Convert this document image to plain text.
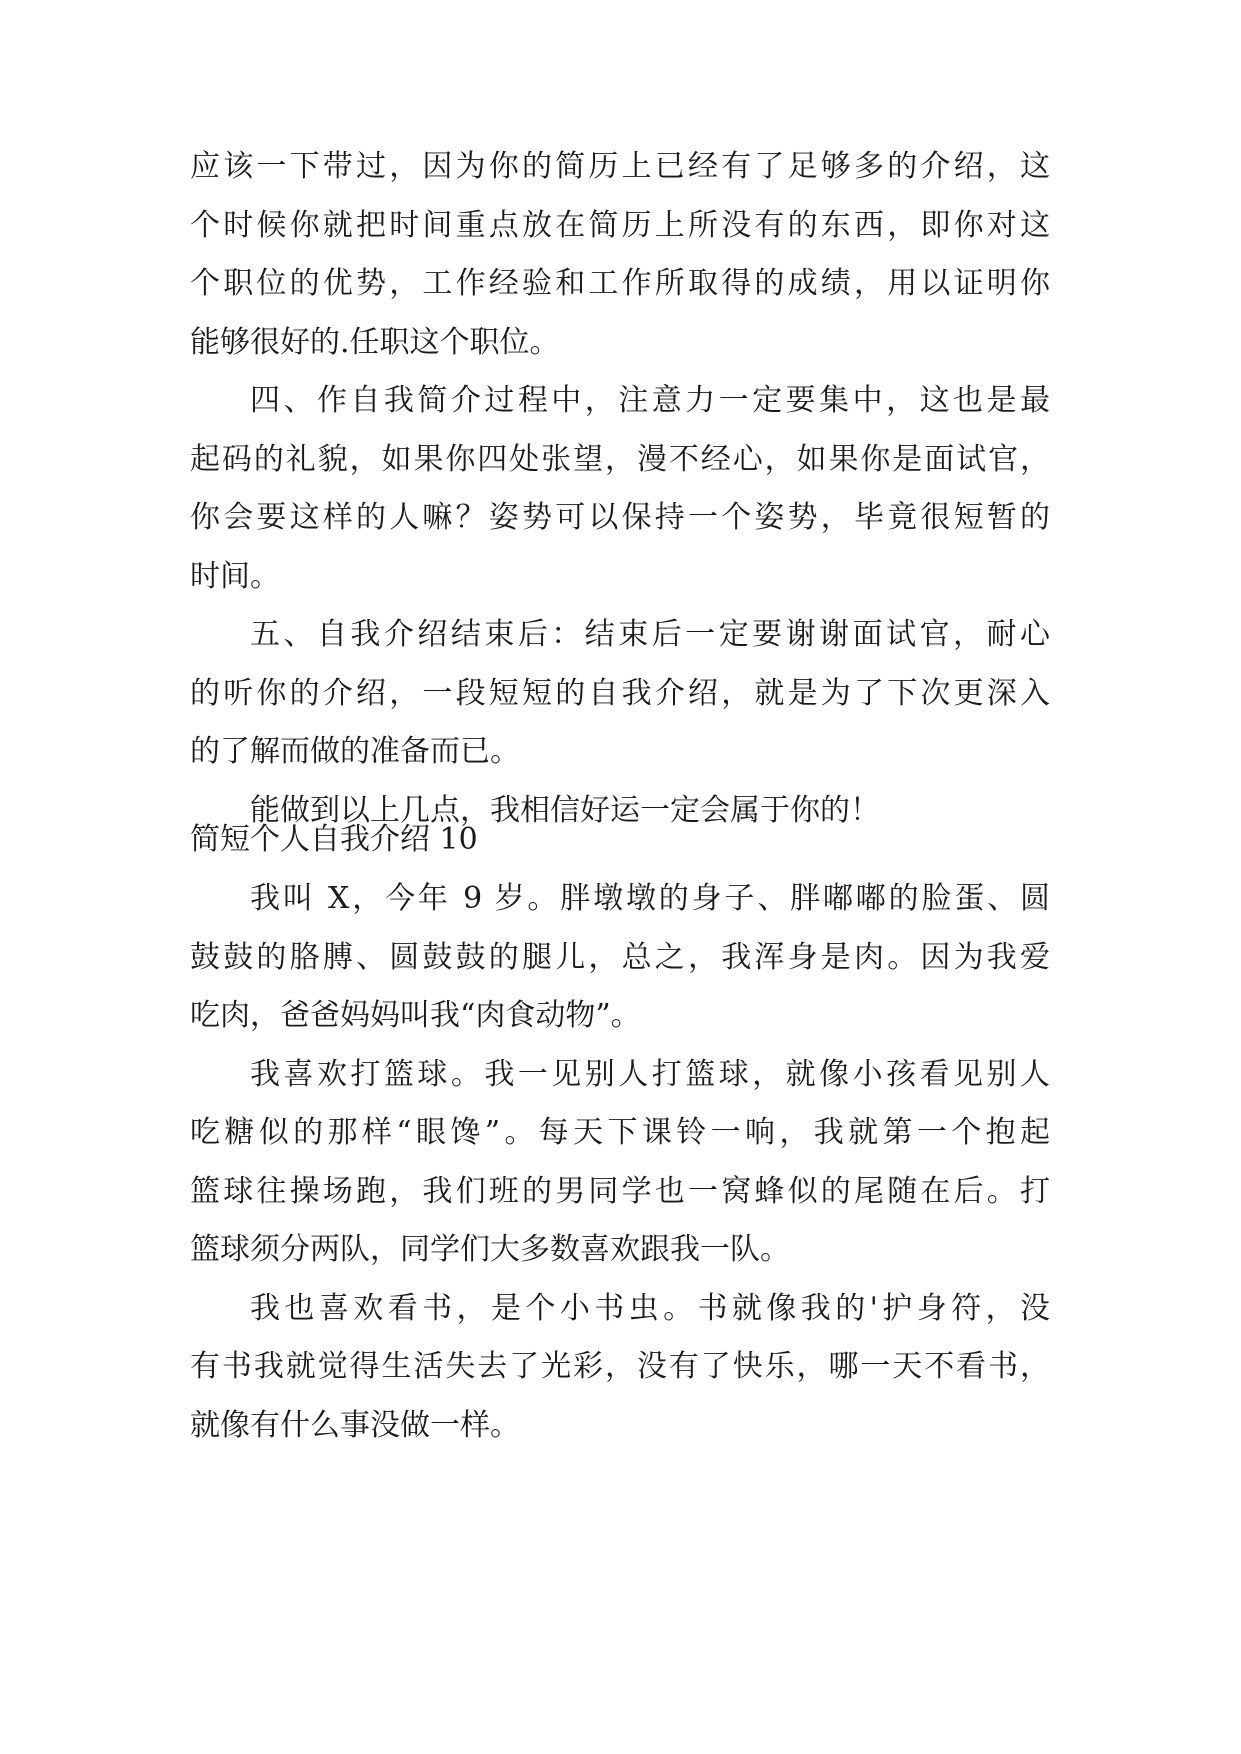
应该一下带过，因为你的简历上已经有了足够多的介绍，这
个时候你就把时间重点放在简历上所没有的东西，即你对这
个职位的优势，工作经验和工作所取得的成绩，用以证明你
能够很好的.任职这个职位。
四、作自我简介过程中，注意力一定要集中，这也是最
起码的礼貌，如果你四处张望，漫不经心，如果你是面试官，
你会要这样的人嘛？姿势可以保持一个姿势，毕竟很短暂的
时间。
五、自我介绍结束后：结束后一定要谢谢面试官，耐心
的听你的介绍，一段短短的自我介绍，就是为了下次更深入
的了解而做的准备而已。
能做到以上几点，我相信好运一定会属于你的！

简短个人自我介绍 10

我叫 X，今年 9 岁。胖墩墩的身子、胖嘟嘟的脸蛋、圆
鼓鼓的胳膊、圆鼓鼓的腿儿，总之，我浑身是肉。因为我爱
吃肉，爸爸妈妈叫我“肉食动物”。
我喜欢打篮球。我一见别人打篮球，就像小孩看见别人
吃糖似的那样“眼馋”。每天下课铃一响，我就第一个抱起
篮球往操场跑，我们班的男同学也一窝蜂似的尾随在后。打
篮球须分两队，同学们大多数喜欢跟我一队。
我也喜欢看书，是个小书虫。书就像我的'护身符，没
有书我就觉得生活失去了光彩，没有了快乐，哪一天不看书，
就像有什么事没做一样。
